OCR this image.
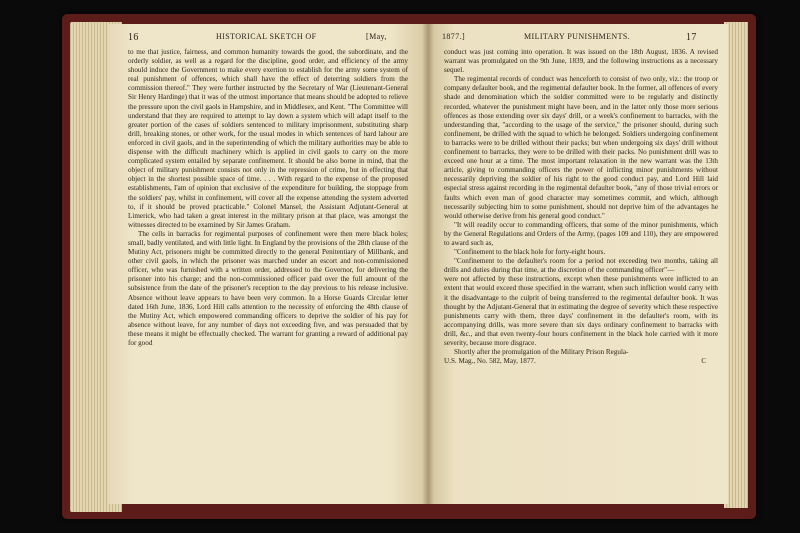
16	HISTORICAL SKETCH OF	[May,

to me that justice, fairness, and common humanity towards the good, the subordinate, and the orderly soldier, as well as a regard for the discipline, good order, and efficiency of the army should induce the Government to make every exertion to establish for the army some system of real punishment of offences, which shall have the effect of deterring soldiers from the commission thereof." They were further instructed by the Secretary of War (Lieutenant-General Sir Henry Hardinge) that it was of the utmost importance that means should be adopted to relieve the pressure upon the civil gaols in Hampshire, and in Middlesex, and Kent. "The Committee will understand that they are required to attempt to lay down a system which will adapt itself to the greater portion of the cases of soldiers sentenced to military imprisonment, substituting sharp drill, breaking stones, or other work, for the usual modes in which sentences of hard labour are enforced in civil gaols, and in the superintending of which the military authorities may be able to dispense with the difficult machinery which is applied in civil gaols to carry on the more complicated system entailed by separate confinement. It should be also borne in mind, that the object of military punishment consists not only in the repression of crime, but in effecting that object in the shortest possible space of time. . . . With regard to the expense of the proposed establishments, I'am of opinion that exclusive of the expenditure for building, the stoppage from the soldiers' pay, whilst in confinement, will cover all the expense attending the system adverted to, if it should be proved practicable." Colonel Mansel, the Assistant Adjutant-General at Limerick, who had taken a great interest in the military prison at that place, was amongst the witnesses directed to be examined by Sir James Graham.

The cells in barracks for regimental purposes of confinement were then mere black holes; small, badly ventilated, and with little light. In England by the provisions of the 28th clause of the Mutiny Act, prisoners might be committed directly to the general Penitentiary of Millbank, and other civil gaols, in which the prisoner was marched under an escort and non-commissioned officer, who was furnished with a written order, addressed to the Governor, for delivering the prisoner into his charge; and the non-commissioned officer paid over the full amount of the subsistence from the date of the prisoner's reception to the day previous to his release inclusive. Absence without leave appears to have been very common. In a Horse Guards Circular letter dated 16th June, 1836, Lord Hill calls attention to the necessity of enforcing the 48th clause of the Mutiny Act, which empowered commanding officers to deprive the soldier of his pay for absence without leave, for any number of days not exceeding five, and was persuaded that by these means it might be effectually checked. The warrant for granting a reward of additional pay for good

1877.]	MILITARY PUNISHMENTS.	17

conduct was just coming into operation. It was issued on the 18th August, 1836. A revised warrant was promulgated on the 9th June, 1839, and the following instructions as a necessary sequel.

The regimental records of conduct was henceforth to consist of two only, viz.: the troop or company defaulter book, and the regimental defaulter book. In the former, all offences of every shade and denomination which the soldier committed were to be regularly and distinctly recorded, whatever the punishment might have been, and in the latter only those more serious offences as those extending over six days' drill, or a week's confinement to barracks, with the understanding that, "according to the usage of the service," the prisoner should, during such confinement, be drilled with the squad to which he belonged. Soldiers undergoing confinement to barracks were to be drilled without their packs; but when undergoing six days' drill without confinement to barracks, they were to be drilled with their packs. No punishment drill was to exceed one hour at a time. The most important relaxation in the new warrant was the 13th article, giving to commanding officers the power of inflicting minor punishments without necessarily depriving the soldier of his right to the good conduct pay, and Lord Hill laid especial stress against recording in the regimental defaulter book, "any of those trivial errors or faults which even man of good character may sometimes commit, and which, although necessarily subjecting him to some punishment, should not deprive him of the advantages he would otherwise derive from his general good conduct."

"It will readily occur to commanding officers, that some of the minor punishments, which by the General Regulations and Orders of the Army, (pages 109 and 110), they are empowered to award such as,

"Confinement to the black hole for forty-eight hours.

"Confinement to the defaulter's room for a period not exceeding two months, taking all drills and duties during that time, at the discretion of the commanding officer"—

were not affected by these instructions, except when these punishments were inflicted to an extent that would exceed those specified in the warrant, when such infliction would carry with it the disadvantage to the culprit of being transferred to the regimental defaulter book. It was thought by the Adjutant-General that in estimating the degree of severity which these respective punishments carry with them, three days' confinement in the defaulter's room, with its accompanying drills, was more severe than six days ordinary confinement to barracks with drill, &c., and that even twenty-four hours confinement in the black hole carried with it more severity, because more disgrace.

Shortly after the promulgation of the Military Prison Regula-

U.S. Mag., No. 582, May, 1877.	C
